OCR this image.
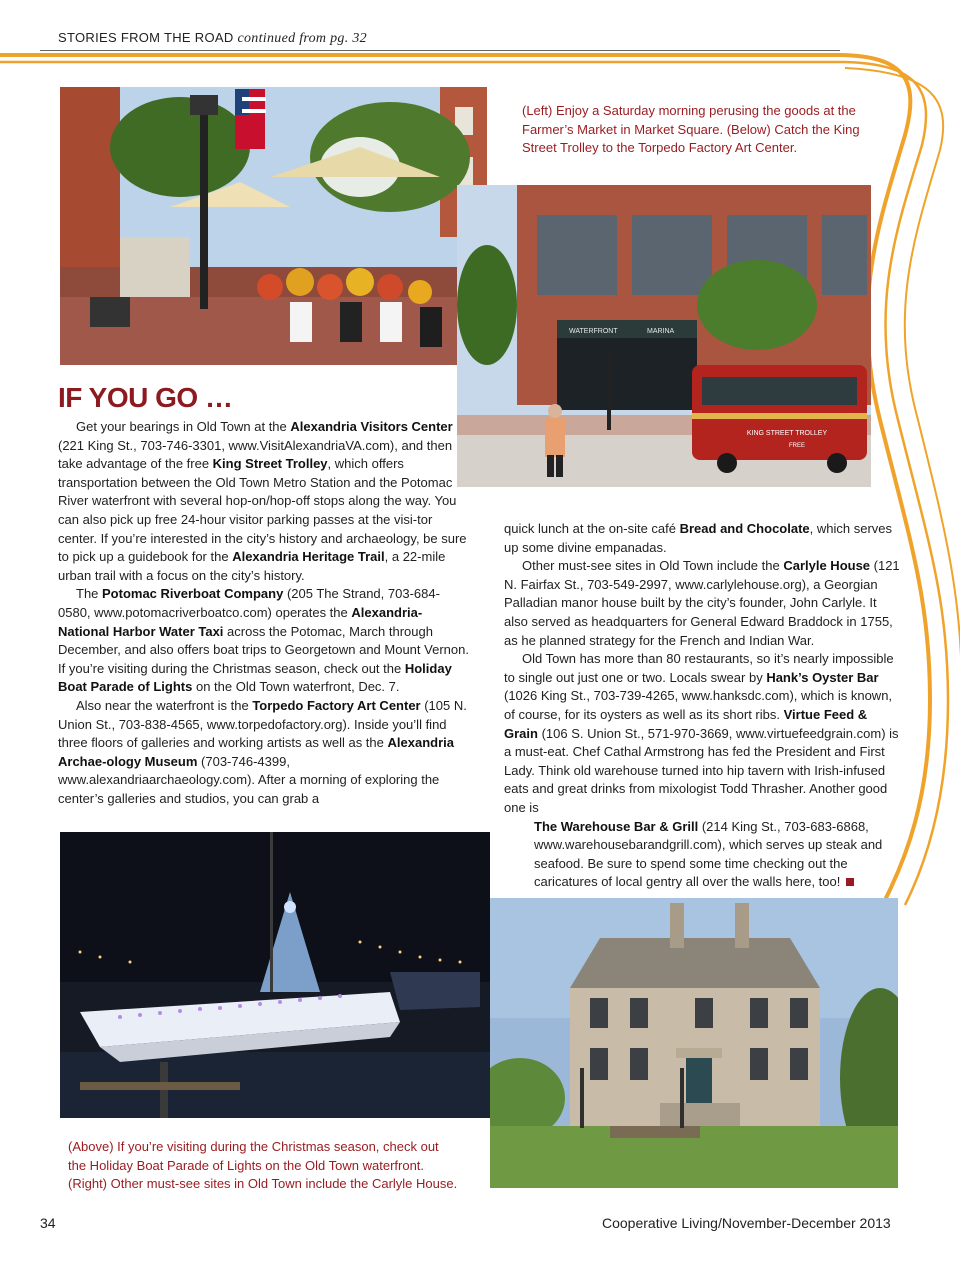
STORIES FROM THE ROAD continued from pg. 32
(Left) Enjoy a Saturday morning perusing the goods at the Farmer’s Market in Market Square. (Below) Catch the King Street Trolley to the Torpedo Factory Art Center.
WATERFRONT	MARINA
KING STREET TROLLEY
FREE
IF YOU GO …

Get your bearings in Old Town at the Alexandria Visitors Center (221 King St., 703-746-3301, www.VisitAlexandriaVA.com), and then take advantage of the free King Street Trolley, which offers transportation between the Old Town Metro Station and the Potomac River waterfront with several hop-on/hop-off stops along the way. You can also pick up free 24-hour visitor parking passes at the visi-tor center. If you’re interested in the city’s history and archaeology, be sure to pick up a guidebook for the Alexandria Heritage Trail, a 22-mile urban trail with a focus on the city’s history.

The Potomac Riverboat Company (205 The Strand, 703-684-0580, www.potomacriverboatco.com) operates the Alexandria-National Harbor Water Taxi across the Potomac, March through December, and also offers boat trips to Georgetown and Mount Vernon. If you’re visiting during the Christmas season, check out the Holiday Boat Parade of Lights on the Old Town waterfront, Dec. 7.

Also near the waterfront is the Torpedo Factory Art Center (105 N. Union St., 703-838-4565, www.torpedofactory.org). Inside you’ll find three floors of galleries and working artists as well as the Alexandria Archae-ology Museum (703-746-4399, www.alexandriaarchaeology.com). After a morning of exploring the center’s galleries and studios, you can grab a

quick lunch at the on-site café Bread and Chocolate, which serves up some divine empanadas.

Other must-see sites in Old Town include the Carlyle House (121 N. Fairfax St., 703-549-2997, www.carlylehouse.org), a Georgian Palladian manor house built by the city’s founder, John Carlyle. It also served as headquarters for General Edward Braddock in 1755, as he planned strategy for the French and Indian War.

Old Town has more than 80 restaurants, so it’s nearly impossible to single out just one or two. Locals swear by Hank’s Oyster Bar (1026 King St., 703-739-4265, www.hanksdc.com), which is known, of course, for its oysters as well as its short ribs. Virtue Feed & Grain (106 S. Union St., 571-970-3669, www.virtuefeedgrain.com) is a must-eat. Chef Cathal Armstrong has fed the President and First Lady. Think old warehouse turned into hip tavern with Irish-infused eats and great drinks from mixologist Todd Thrasher. Another good one is

The Warehouse Bar & Grill (214 King St., 703-683-6868, www.warehousebarandgrill.com), which serves up steak and seafood. Be sure to spend some time checking out the caricatures of local gentry all over the walls here, too!

(Above) If you’re visiting during the Christmas season, check out the Holiday Boat Parade of Lights on the Old Town waterfront. (Right) Other must-see sites in Old Town include the Carlyle House.
34	Cooperative Living/November-December 2013
